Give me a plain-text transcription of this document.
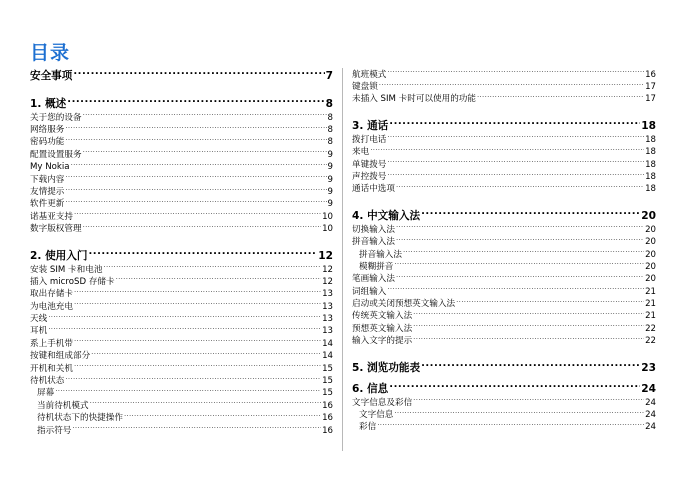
目录
安全事项 .....	7
1. 概述 .....	8
关于您的设备 .....	8
网络服务 .....	8
密码功能 .....	8
配置设置服务 .....	9
My Nokia .....	9
下载内容 .....	9
友情提示 .....	9
软件更新 .....	9
诺基亚支持 .....	10
数字版权管理 .....	10
2. 使用入门 .....	12
安装 SIM 卡和电池 .....	12
插入 microSD 存储卡 .....	12
取出存储卡 .....	13
为电池充电 .....	13
天线 .....	13
耳机 .....	13
系上手机带 .....	14
按键和组成部分 .....	14
开机和关机 .....	15
待机状态 .....	15
屏幕 .....	15
当前待机模式 .....	16
待机状态下的快捷操作 .....	16
指示符号 .....	16
航班模式 .....	16
键盘锁 .....	17
未插入 SIM 卡时可以使用的功能 .....	17
3. 通话 .....	18
拨打电话 .....	18
来电 .....	18
单键拨号 .....	18
声控拨号 .....	18
通话中选项 .....	18
4. 中文输入法 .....	20
切换输入法 .....	20
拼音输入法 .....	20
拼音输入法 .....	20
模糊拼音 .....	20
笔画输入法 .....	20
词组输入 .....	21
启动或关闭预想英文输入法 .....	21
传统英文输入法 .....	21
预想英文输入法 .....	22
输入文字的提示 .....	22
5. 浏览功能表 .....	23
6. 信息 .....	24
文字信息及彩信 .....	24
文字信息 .....	24
彩信 .....	24
